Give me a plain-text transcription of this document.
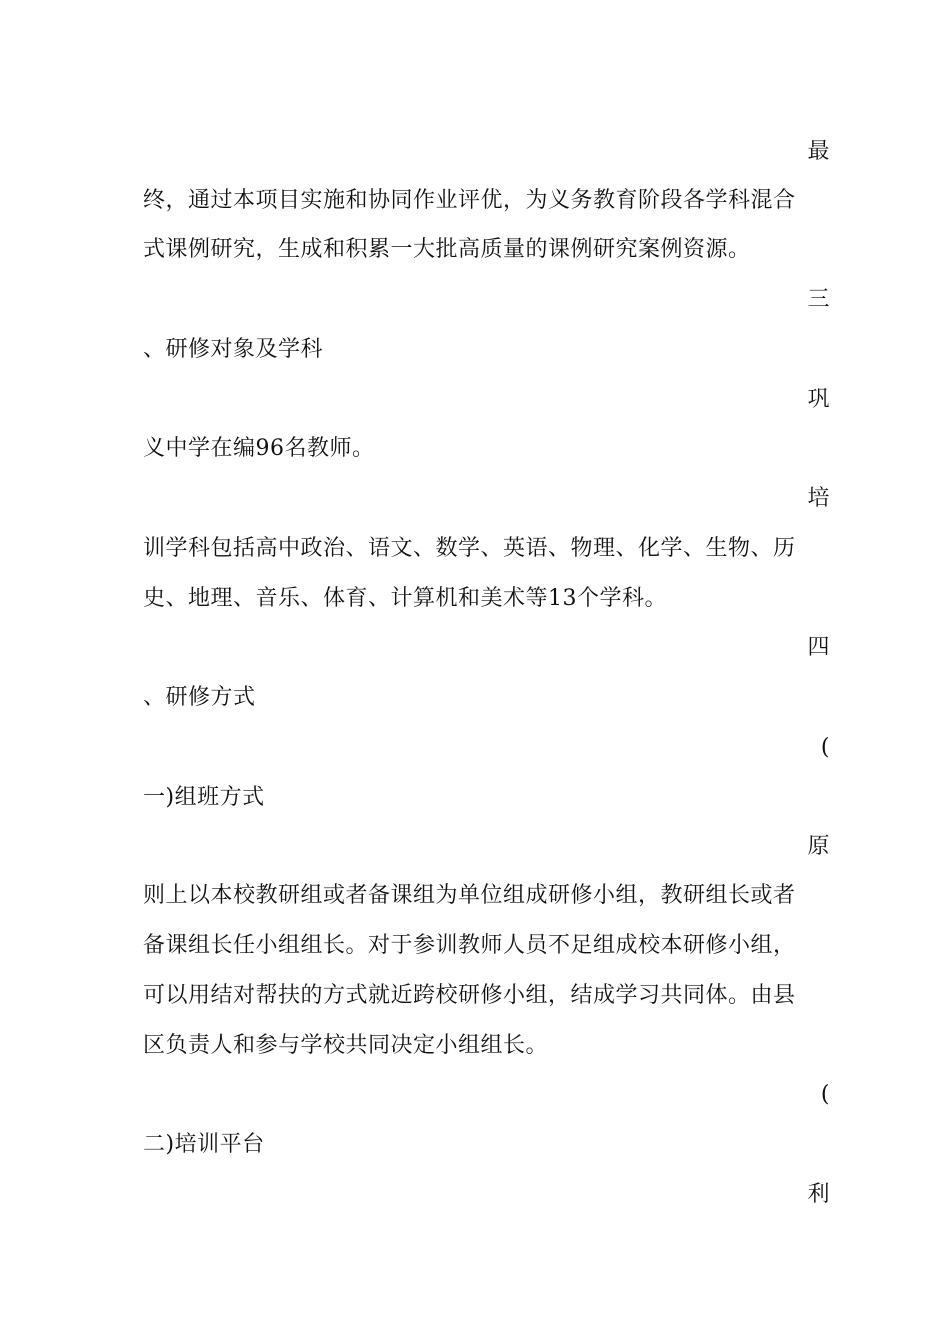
最
终，通过本项目实施和协同作业评优，为义务教育阶段各学科混合
式课例研究，生成和积累一大批高质量的课例研究案例资源。
三
、研修对象及学科
巩
义中学在编96名教师。
培
训学科包括高中政治、语文、数学、英语、物理、化学、生物、历
史、地理、音乐、体育、计算机和美术等13个学科。
四
、研修方式
(
一)组班方式
原
则上以本校教研组或者备课组为单位组成研修小组，教研组长或者
备课组长任小组组长。对于参训教师人员不足组成校本研修小组，
可以用结对帮扶的方式就近跨校研修小组，结成学习共同体。由县
区负责人和参与学校共同决定小组组长。
(
二)培训平台
利
